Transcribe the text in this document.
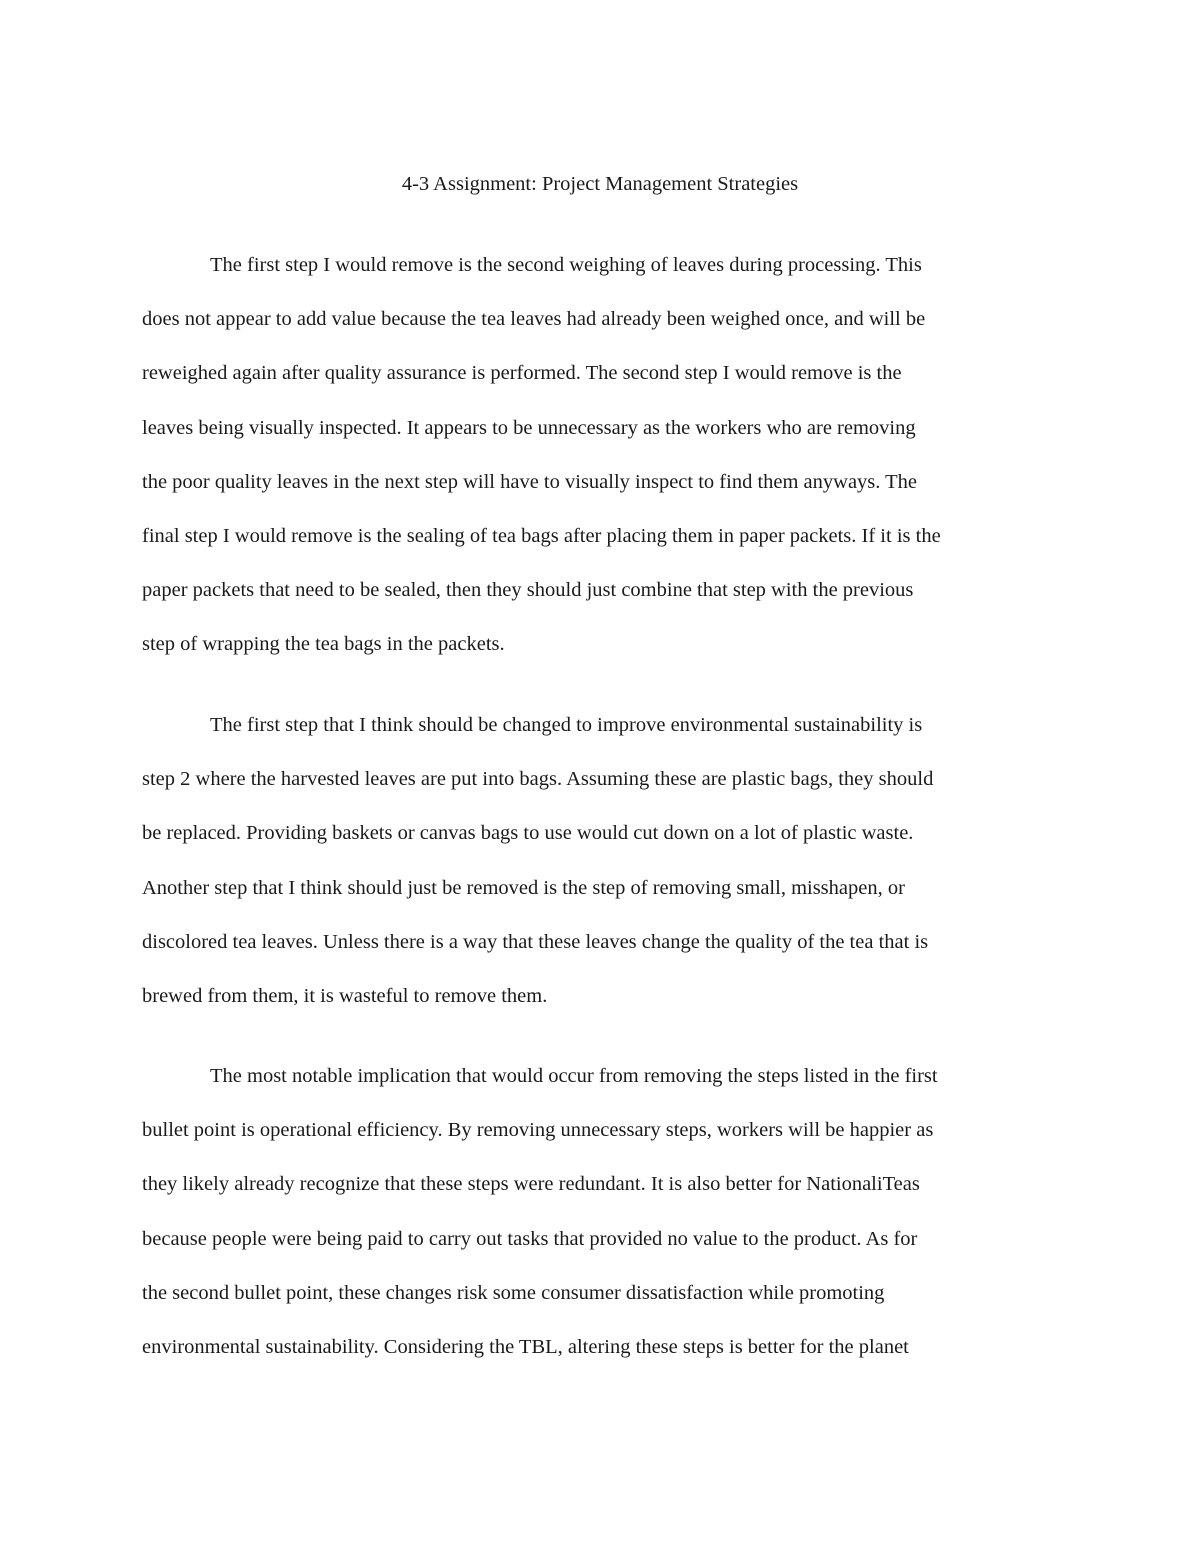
4-3 Assignment: Project Management Strategies
The first step I would remove is the second weighing of leaves during processing. This
does not appear to add value because the tea leaves had already been weighed once, and will be
reweighed again after quality assurance is performed. The second step I would remove is the
leaves being visually inspected. It appears to be unnecessary as the workers who are removing
the poor quality leaves in the next step will have to visually inspect to find them anyways. The
final step I would remove is the sealing of tea bags after placing them in paper packets. If it is the
paper packets that need to be sealed, then they should just combine that step with the previous
step of wrapping the tea bags in the packets.
The first step that I think should be changed to improve environmental sustainability is
step 2 where the harvested leaves are put into bags. Assuming these are plastic bags, they should
be replaced. Providing baskets or canvas bags to use would cut down on a lot of plastic waste.
Another step that I think should just be removed is the step of removing small, misshapen, or
discolored tea leaves. Unless there is a way that these leaves change the quality of the tea that is
brewed from them, it is wasteful to remove them.
The most notable implication that would occur from removing the steps listed in the first
bullet point is operational efficiency. By removing unnecessary steps, workers will be happier as
they likely already recognize that these steps were redundant. It is also better for NationaliTeas
because people were being paid to carry out tasks that provided no value to the product. As for
the second bullet point, these changes risk some consumer dissatisfaction while promoting
environmental sustainability. Considering the TBL, altering these steps is better for the planet
